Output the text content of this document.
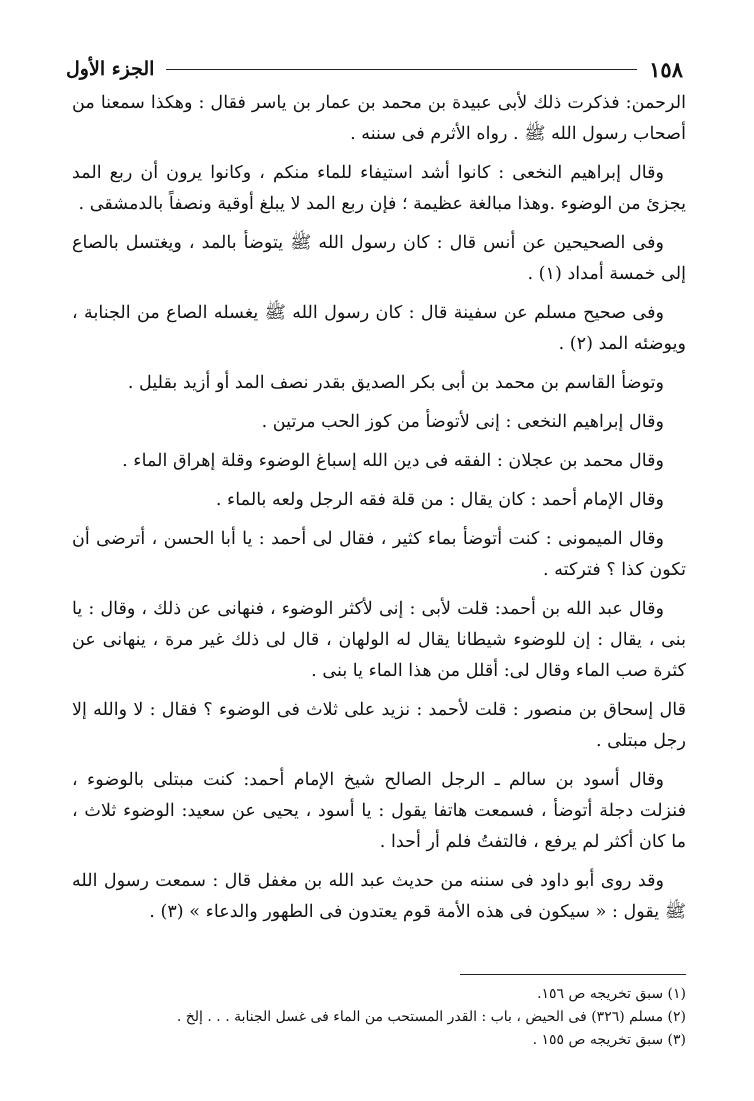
١٥٨
الجزء الأول

الرحمن: فذكرت ذلك لأبى عبيدة بن محمد بن عمار بن ياسر فقال : وهكذا سمعنا من أصحاب رسول الله ﷺ . رواه الأثرم فى سننه .

وقال إبراهيم النخعى : كانوا أشد استيفاء للماء منكم ، وكانوا يرون أن ربع المد يجزئ من الوضوء .وهذا مبالغة عظيمة ؛ فإن ربع المد لا يبلغ أوقية ونصفاً بالدمشقى .

وفى الصحيحين عن أنس قال : كان رسول الله ﷺ يتوضأ بالمد ، ويغتسل بالصاع إلى خمسة أمداد (١) .

وفى صحيح مسلم عن سفينة قال : كان رسول الله ﷺ يغسله الصاع من الجنابة ، ويوضئه المد (٢) .

وتوضأ القاسم بن محمد بن أبى بكر الصديق بقدر نصف المد أو أزيد بقليل .

وقال إبراهيم النخعى : إنى لأتوضأ من كوز الحب مرتين .

وقال محمد بن عجلان : الفقه فى دين الله إسباغ الوضوء وقلة إهراق الماء .

وقال الإمام أحمد : كان يقال : من قلة فقه الرجل ولعه بالماء .

وقال الميمونى : كنت أتوضأ بماء كثير ، فقال لى أحمد : يا أبا الحسن ، أترضى أن تكون كذا ؟ فتركته .

وقال عبد الله بن أحمد: قلت لأبى : إنى لأكثر الوضوء ، فنهانى عن ذلك ، وقال : يا بنى ، يقال : إن للوضوء شيطانا يقال له الولهان ، قال لى ذلك غير مرة ، ينهانى عن كثرة صب الماء وقال لى: أقلل من هذا الماء يا بنى .

قال إسحاق بن منصور : قلت لأحمد : نزيد على ثلاث فى الوضوء ؟ فقال : لا والله إلا رجل مبتلى .

وقال أسود بن سالم ـ الرجل الصالح شيخ الإمام أحمد: كنت مبتلى بالوضوء ، فنزلت دجلة أتوضأ ، فسمعت هاتفا يقول : يا أسود ، يحيى عن سعيد: الوضوء ثلاث ، ما كان أكثر لم يرفع ، فالتفتُ فلم أر أحدا .

وقد روى أبو داود فى سننه من حديث عبد الله بن مغفل قال : سمعت رسول الله ﷺ يقول : « سيكون فى هذه الأمة قوم يعتدون فى الطهور والدعاء » (٣) .

(١) سبق تخريجه ص ١٥٦.

(٢) مسلم (٣٢٦) فى الحيض ، باب : القدر المستحب من الماء فى غسل الجنابة . . . إلخ .

(٣) سبق تخريجه ص ١٥٥ .
